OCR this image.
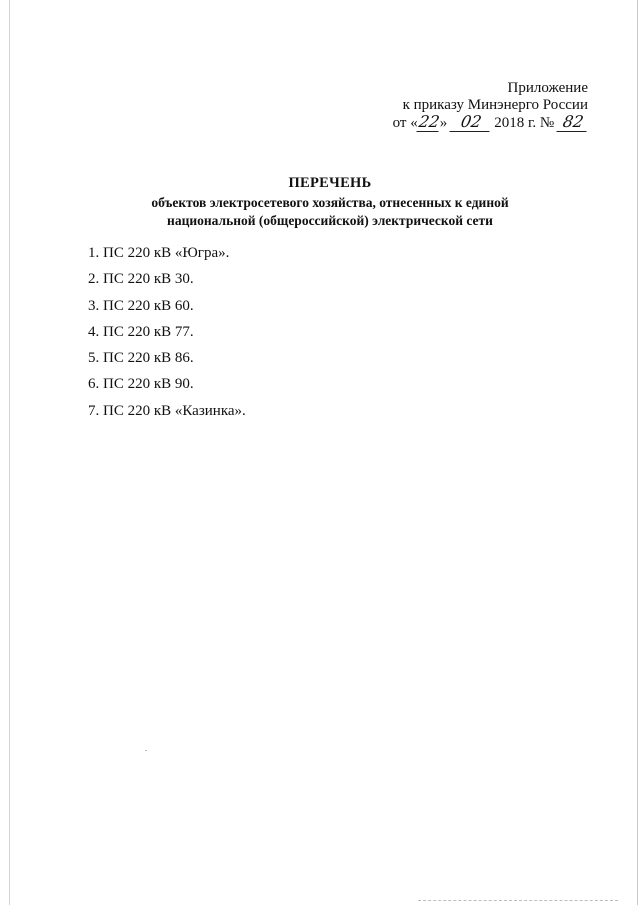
Приложение
к приказу Минэнерго России
от «22» 02 2018 г. № 82
ПЕРЕЧЕНЬ
объектов электросетевого хозяйства, отнесенных к единой
национальной (общероссийской) электрической сети
1. ПС 220 кВ «Югра».
2. ПС 220 кВ 30.
3. ПС 220 кВ 60.
4. ПС 220 кВ 77.
5. ПС 220 кВ 86.
6. ПС 220 кВ 90.
7. ПС 220 кВ «Казинка».
